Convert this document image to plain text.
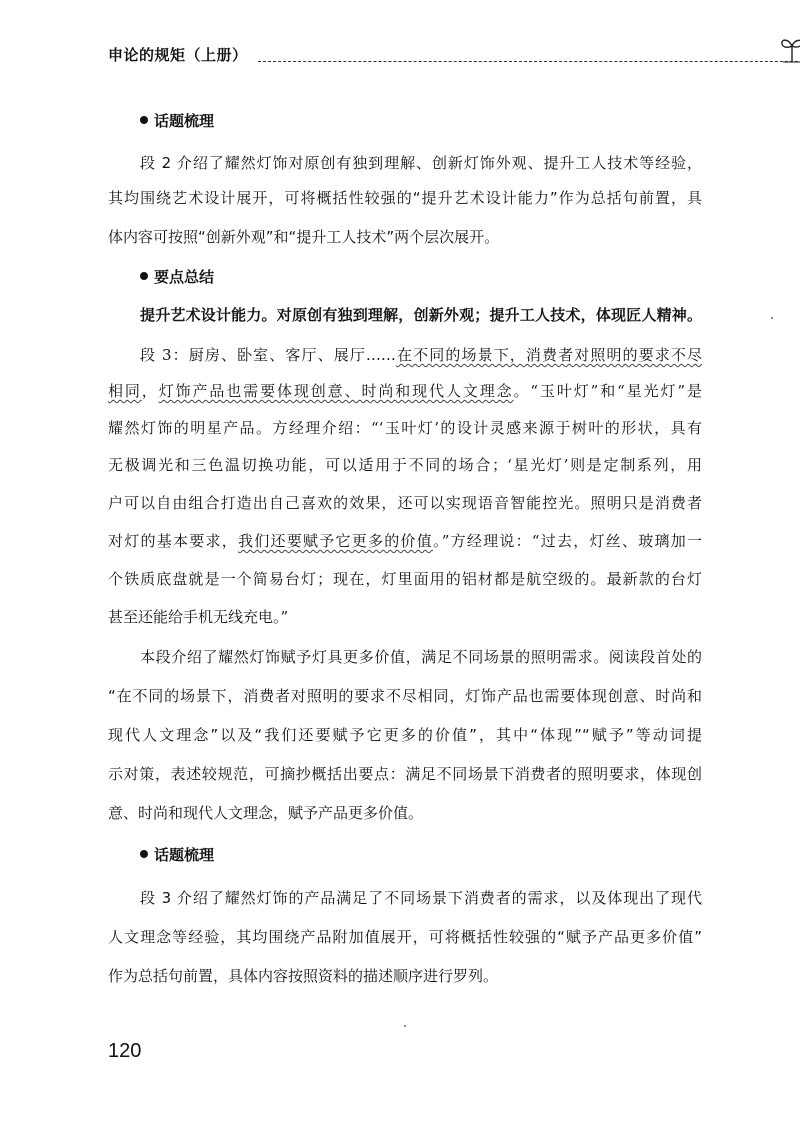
申论的规矩（上册）
话题梳理
段 2 介绍了耀然灯饰对原创有独到理解、创新灯饰外观、提升工人技术等经验，
其均围绕艺术设计展开，可将概括性较强的“提升艺术设计能力”作为总括句前置，具
体内容可按照“创新外观”和“提升工人技术”两个层次展开。
要点总结
提升艺术设计能力。对原创有独到理解，创新外观；提升工人技术，体现匠人精神。
段 3：厨房、卧室、客厅、展厅……在不同的场景下，消费者对照明的要求不尽
相同，灯饰产品也需要体现创意、时尚和现代人文理念。“玉叶灯”和“星光灯”是
耀然灯饰的明星产品。方经理介绍：“‘玉叶灯’的设计灵感来源于树叶的形状，具有
无极调光和三色温切换功能，可以适用于不同的场合；‘星光灯’则是定制系列，用
户可以自由组合打造出自己喜欢的效果，还可以实现语音智能控光。照明只是消费者
对灯的基本要求，我们还要赋予它更多的价值。”方经理说：“过去，灯丝、玻璃加一
个铁质底盘就是一个简易台灯；现在，灯里面用的铝材都是航空级的。最新款的台灯
甚至还能给手机无线充电。”
本段介绍了耀然灯饰赋予灯具更多价值，满足不同场景的照明需求。阅读段首处的
“在不同的场景下，消费者对照明的要求不尽相同，灯饰产品也需要体现创意、时尚和
现代人文理念”以及“我们还要赋予它更多的价值”，其中“体现”“赋予”等动词提
示对策，表述较规范，可摘抄概括出要点：满足不同场景下消费者的照明要求，体现创
意、时尚和现代人文理念，赋予产品更多价值。
话题梳理
段 3 介绍了耀然灯饰的产品满足了不同场景下消费者的需求，以及体现出了现代
人文理念等经验，其均围绕产品附加值展开，可将概括性较强的“赋予产品更多价值”
作为总括句前置，具体内容按照资料的描述顺序进行罗列。
120
